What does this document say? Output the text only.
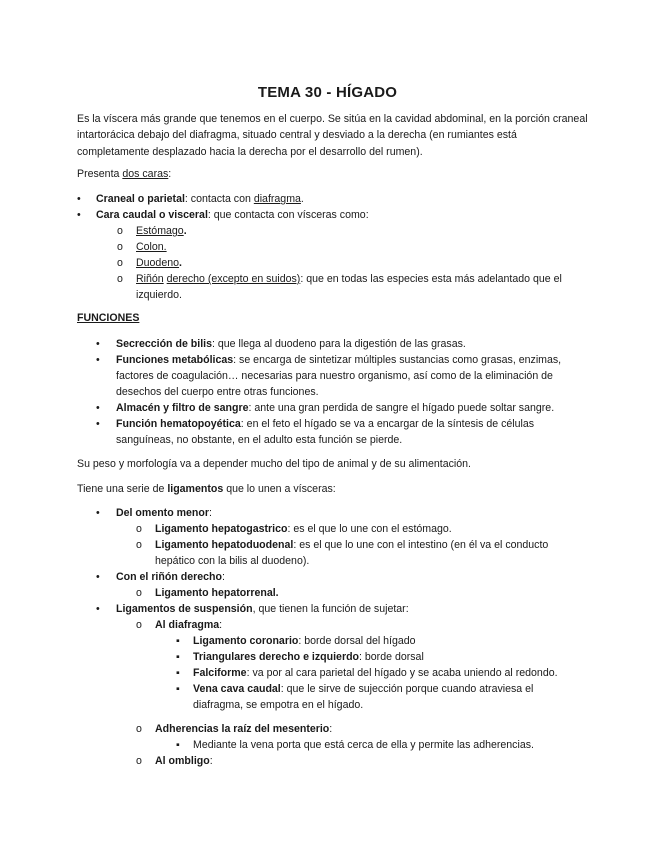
TEMA 30 - HÍGADO
Es la víscera más grande que tenemos en el cuerpo. Se sitúa en la cavidad abdominal, en la porción craneal intartorácica debajo del diafragma, situado central y desviado a la derecha (en rumiantes está completamente desplazado hacia la derecha por el desarrollo del rumen).
Presenta dos caras:
• Craneal o parietal: contacta con diafragma.
• Cara caudal o visceral: que contacta con vísceras como:
o Estómago.
o Colon.
o Duodeno.
o Riñón derecho (excepto en suidos): que en todas las especies esta más adelantado que el
izquierdo.
FUNCIONES
• Secrección de bilis: que llega al duodeno para la digestión de las grasas.
• Funciones metabólicas: se encarga de sintetizar múltiples sustancias como grasas, enzimas,
factores de coagulación… necesarias para nuestro organismo, así como de la eliminación de
desechos del cuerpo entre otras funciones.
• Almacén y filtro de sangre: ante una gran perdida de sangre el hígado puede soltar sangre.
• Función hematopoyética: en el feto el hígado se va a encargar de la síntesis de células
sanguíneas, no obstante, en el adulto esta función se pierde.
Su peso y morfología va a depender mucho del tipo de animal y de su alimentación.
Tiene una serie de ligamentos que lo unen a vísceras:
• Del omento menor:
o Ligamento hepatogastrico: es el que lo une con el estómago.
o Ligamento hepatoduodenal: es el que lo une con el intestino (en él va el conducto
hepático con la bilis al duodeno).
• Con el riñón derecho:
o Ligamento hepatorrenal.
• Ligamentos de suspensión, que tienen la función de sujetar:
o Al diafragma:
▪ Ligamento coronario: borde dorsal del hígado
▪ Triangulares derecho e izquierdo: borde dorsal
▪ Falciforme: va por al cara parietal del hígado y se acaba uniendo al redondo.
▪ Vena cava caudal: que le sirve de sujección porque cuando atraviesa el
diafragma, se empotra en el hígado.
o Adherencias la raíz del mesenterio:
▪ Mediante la vena porta que está cerca de ella y permite las adherencias.
o Al ombligo:
